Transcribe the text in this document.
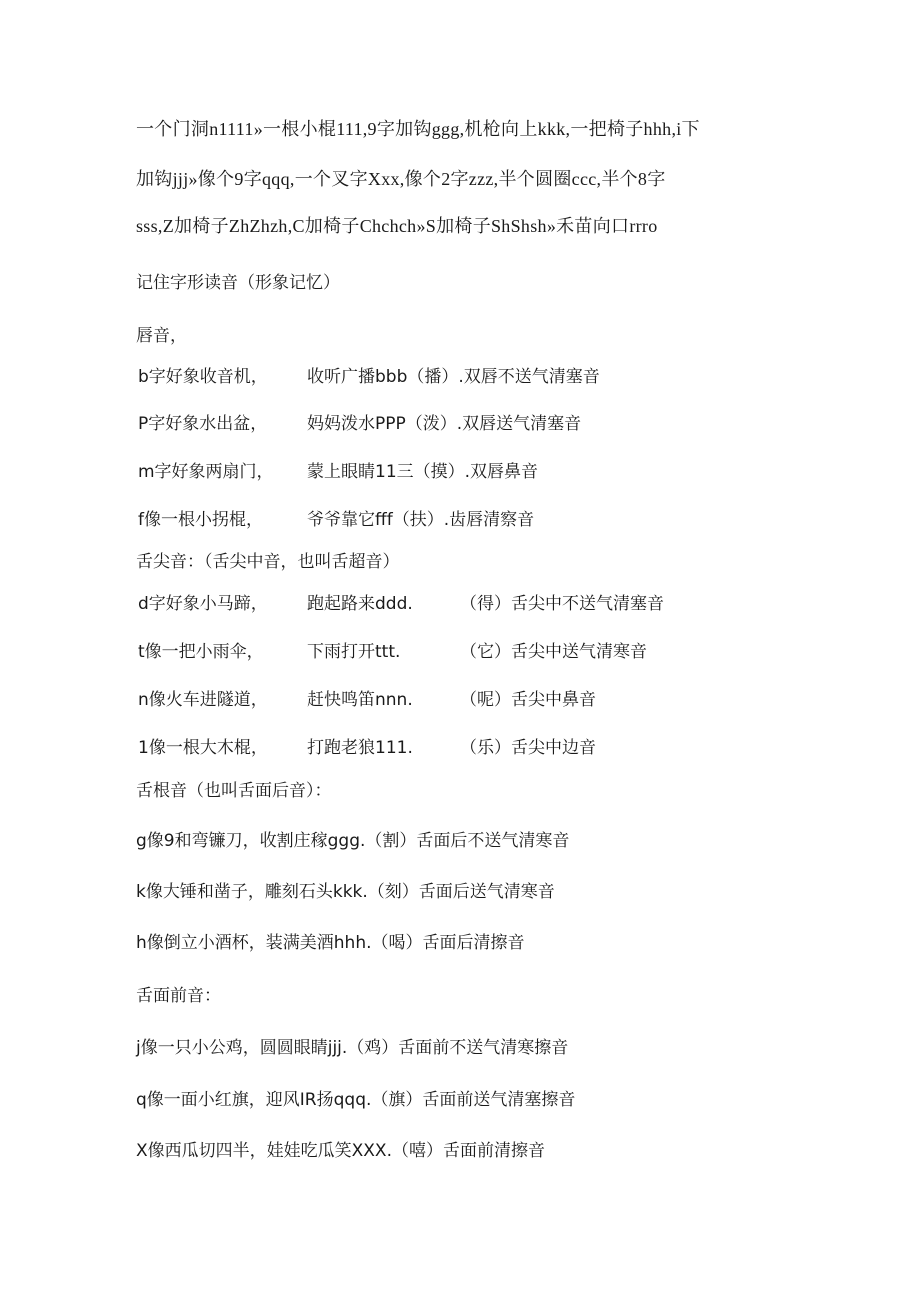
一个门洞n1111»一根小棍111,9字加钩ggg,机枪向上kkk,一把椅子hhh,i下
加钩jjj»像个9字qqq,一个叉字Xxx,像个2字zzz,半个圆圈ccc,半个8字
sss,Z加椅子ZhZhzh,C加椅子Chchch»S加椅子ShShsh»禾苗向口rrro
记住字形读音（形象记忆）
唇音，
b字好象收音机， 收听广播bbb（播）.双唇不送气清塞音
P字好象水出盆， 妈妈泼水PPP（泼）.双唇送气清塞音
m字好象两扇门， 蒙上眼睛11三（摸）.双唇鼻音
f像一根小拐棍，	爷爷靠它fff（扶）.齿唇清察音
舌尖音：（舌尖中音，也叫舌超音）
d字好象小马蹄， 跑起路来ddd.	（得）舌尖中不送气清塞音
t像一把小雨伞，	下雨打开ttt.	（它）舌尖中送气清寒音
n像火车进隧道， 赶快鸣笛nnn.	（呢）舌尖中鼻音
1像一根大木棍， 打跑老狼111.	（乐）舌尖中边音
舌根音（也叫舌面后音）：
g像9和弯镰刀，收割庄稼ggg.（割）舌面后不送气清寒音
k像大锤和凿子，雕刻石头kkk.（刻）舌面后送气清寒音
h像倒立小酒杯，装满美酒hhh.（喝）舌面后清擦音
舌面前音：
j像一只小公鸡，圆圆眼睛jjj.（鸡）舌面前不送气清寒擦音
q像一面小红旗，迎风IR扬qqq.（旗）舌面前送气清塞擦音
X像西瓜切四半，娃娃吃瓜笑XXX.（嘻）舌面前清擦音
